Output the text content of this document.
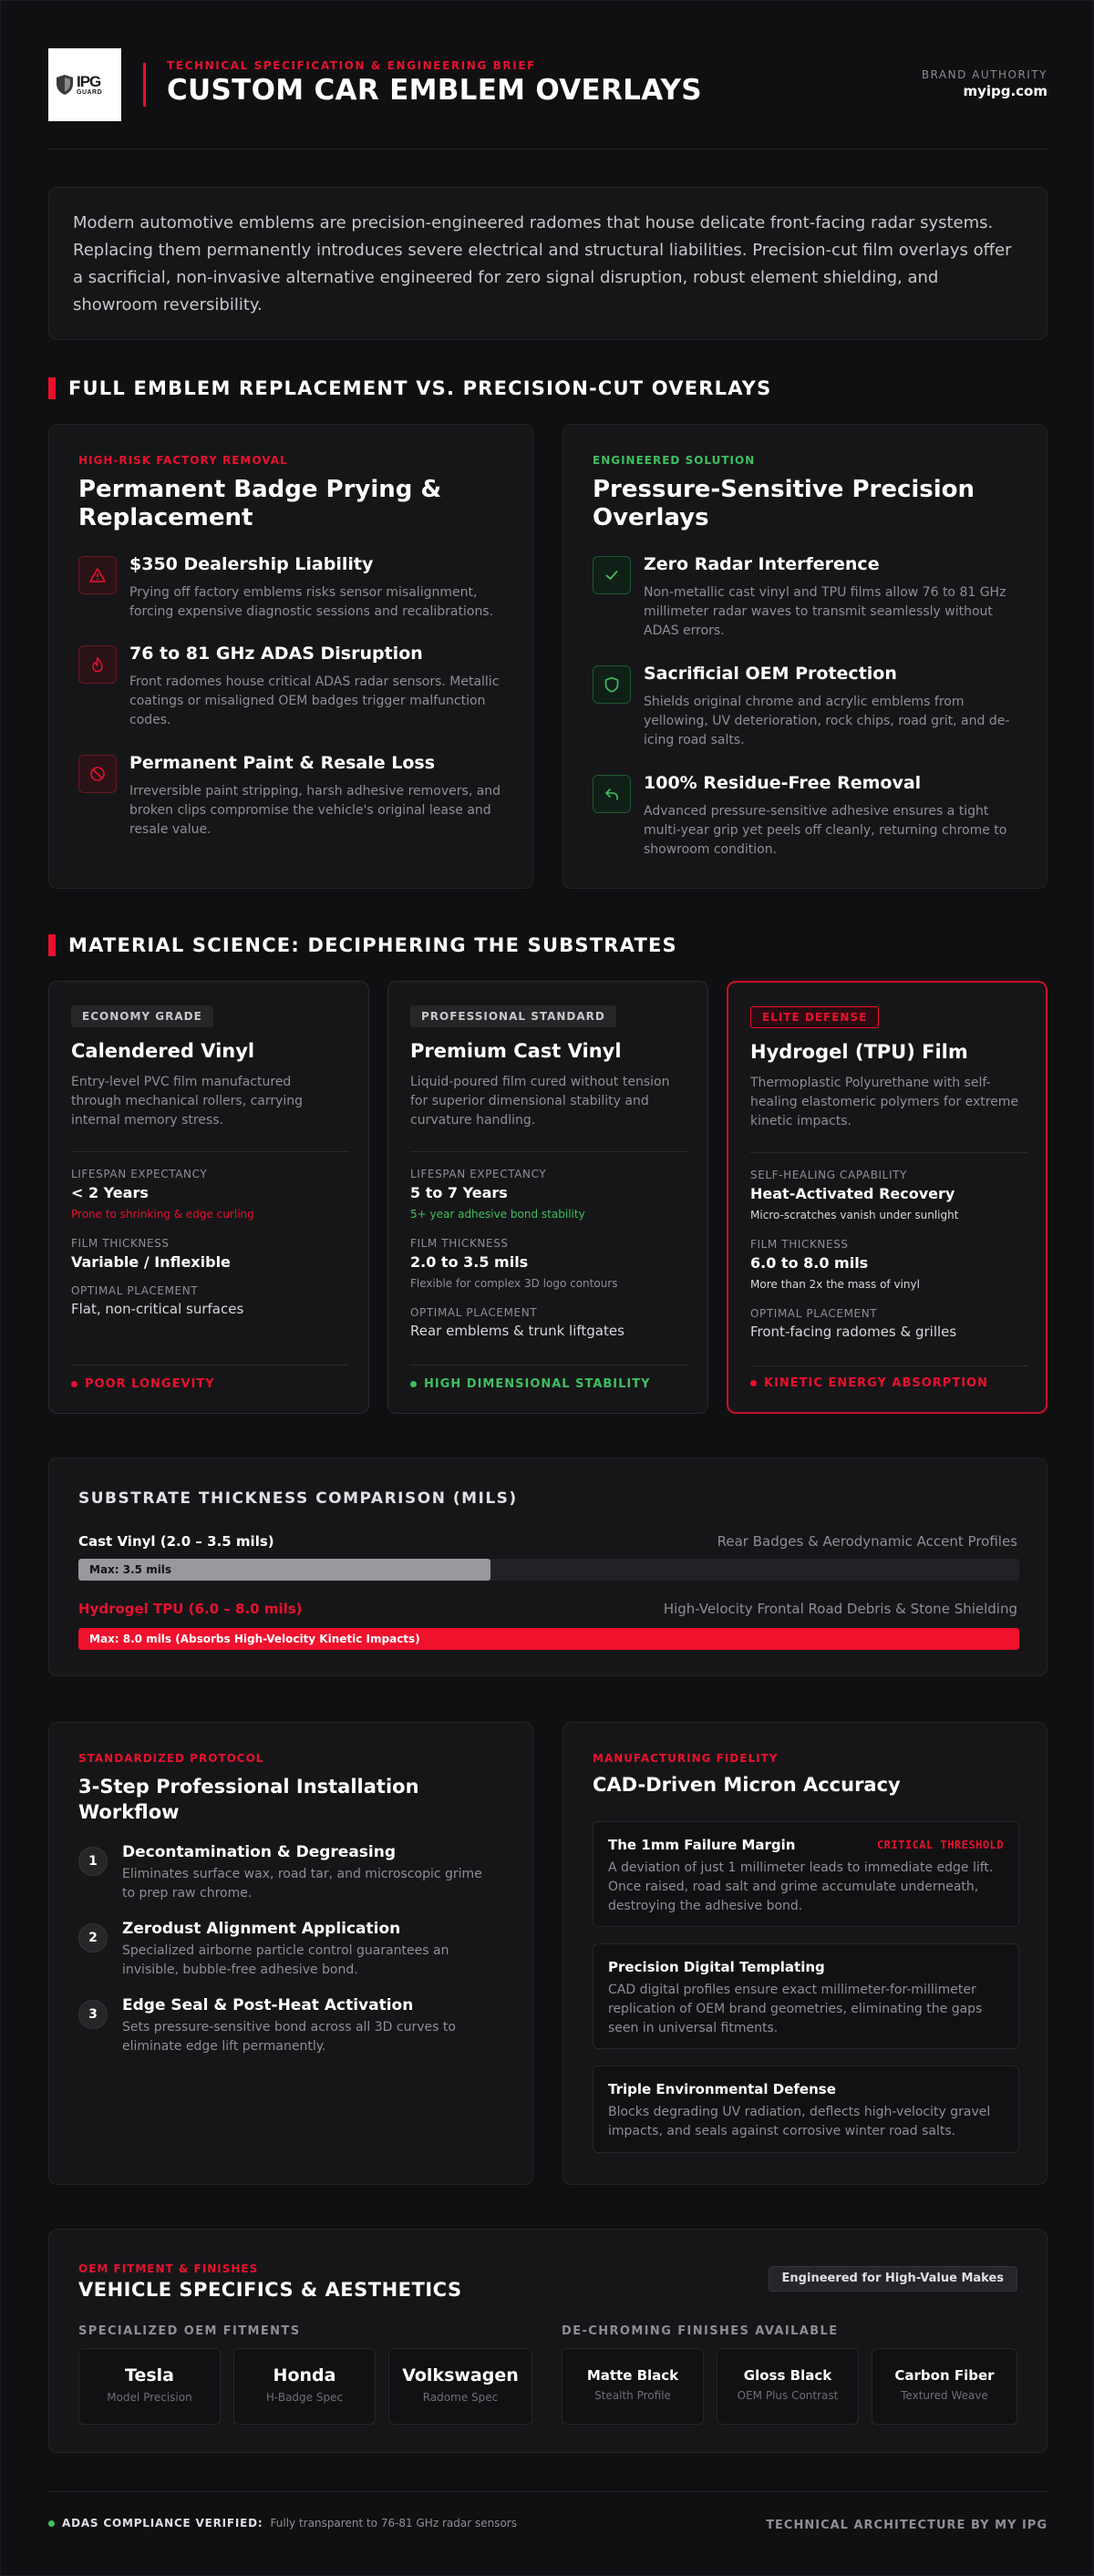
IPG
GUARD
TECHNICAL SPECIFICATION & ENGINEERING BRIEF
CUSTOM CAR EMBLEM OVERLAYS	BRAND AUTHORITY
myipg.com

Modern automotive emblems are precision-engineered radomes that house delicate front-facing radar systems. Replacing them permanently introduces severe electrical and structural liabilities. Precision-cut film overlays offer a sacrificial, non-invasive alternative engineered for zero signal disruption, robust element shielding, and showroom reversibility.

FULL EMBLEM REPLACEMENT VS. PRECISION-CUT OVERLAYS
HIGH-RISK FACTORY REMOVAL
Permanent Badge Prying & Replacement
$350 Dealership Liability
Prying off factory emblems risks sensor misalignment, forcing expensive diagnostic sessions and recalibrations.
76 to 81 GHz ADAS Disruption
Front radomes house critical ADAS radar sensors. Metallic coatings or misaligned OEM badges trigger malfunction codes.
Permanent Paint & Resale Loss
Irreversible paint stripping, harsh adhesive removers, and broken clips compromise the vehicle's original lease and resale value.
ENGINEERED SOLUTION
Pressure-Sensitive Precision Overlays
Zero Radar Interference
Non-metallic cast vinyl and TPU films allow 76 to 81 GHz millimeter radar waves to transmit seamlessly without ADAS errors.
Sacrificial OEM Protection
Shields original chrome and acrylic emblems from yellowing, UV deterioration, rock chips, road grit, and de-icing road salts.
100% Residue-Free Removal
Advanced pressure-sensitive adhesive ensures a tight multi-year grip yet peels off cleanly, returning chrome to showroom condition.
MATERIAL SCIENCE: DECIPHERING THE SUBSTRATES
ECONOMY GRADE
Calendered Vinyl
Entry-level PVC film manufactured through mechanical rollers, carrying internal memory stress.
LIFESPAN EXPECTANCY
< 2 Years
Prone to shrinking & edge curling
FILM THICKNESS
Variable / Inflexible
OPTIMAL PLACEMENT
Flat, non-critical surfaces
POOR LONGEVITY
PROFESSIONAL STANDARD
Premium Cast Vinyl
Liquid-poured film cured without tension for superior dimensional stability and curvature handling.
LIFESPAN EXPECTANCY
5 to 7 Years
5+ year adhesive bond stability
FILM THICKNESS
2.0 to 3.5 mils
Flexible for complex 3D logo contours
OPTIMAL PLACEMENT
Rear emblems & trunk liftgates
HIGH DIMENSIONAL STABILITY
ELITE DEFENSE
Hydrogel (TPU) Film
Thermoplastic Polyurethane with self-healing elastomeric polymers for extreme kinetic impacts.
SELF-HEALING CAPABILITY
Heat-Activated Recovery
Micro-scratches vanish under sunlight
FILM THICKNESS
6.0 to 8.0 mils
More than 2x the mass of vinyl
OPTIMAL PLACEMENT
Front-facing radomes & grilles
KINETIC ENERGY ABSORPTION
SUBSTRATE THICKNESS COMPARISON (MILS)
Cast Vinyl (2.0 – 3.5 mils)	Rear Badges & Aerodynamic Accent Profiles
Max: 3.5 mils
Hydrogel TPU (6.0 – 8.0 mils)	High-Velocity Frontal Road Debris & Stone Shielding
Max: 8.0 mils (Absorbs High-Velocity Kinetic Impacts)
STANDARDIZED PROTOCOL
3-Step Professional Installation Workflow
1	Decontamination & Degreasing
Eliminates surface wax, road tar, and microscopic grime to prep raw chrome.
2	Zerodust Alignment Application
Specialized airborne particle control guarantees an invisible, bubble-free adhesive bond.
3	Edge Seal & Post-Heat Activation
Sets pressure-sensitive bond across all 3D curves to eliminate edge lift permanently.
MANUFACTURING FIDELITY
CAD-Driven Micron Accuracy
The 1mm Failure Margin	CRITICAL THRESHOLD
A deviation of just 1 millimeter leads to immediate edge lift. Once raised, road salt and grime accumulate underneath, destroying the adhesive bond.
Precision Digital Templating
CAD digital profiles ensure exact millimeter-for-millimeter replication of OEM brand geometries, eliminating the gaps seen in universal fitments.
Triple Environmental Defense
Blocks degrading UV radiation, deflects high-velocity gravel impacts, and seals against corrosive winter road salts.
OEM FITMENT & FINISHES
VEHICLE SPECIFICS & AESTHETICS
Engineered for High-Value Makes
SPECIALIZED OEM FITMENTS	DE-CHROMING FINISHES AVAILABLE
Tesla
Model Precision
Honda
H-Badge Spec
Volkswagen
Radome Spec
Matte Black
Stealth Profile
Gloss Black
OEM Plus Contrast
Carbon Fiber
Textured Weave
ADAS COMPLIANCE VERIFIED: Fully transparent to 76-81 GHz radar sensors	TECHNICAL ARCHITECTURE BY MY IPG
